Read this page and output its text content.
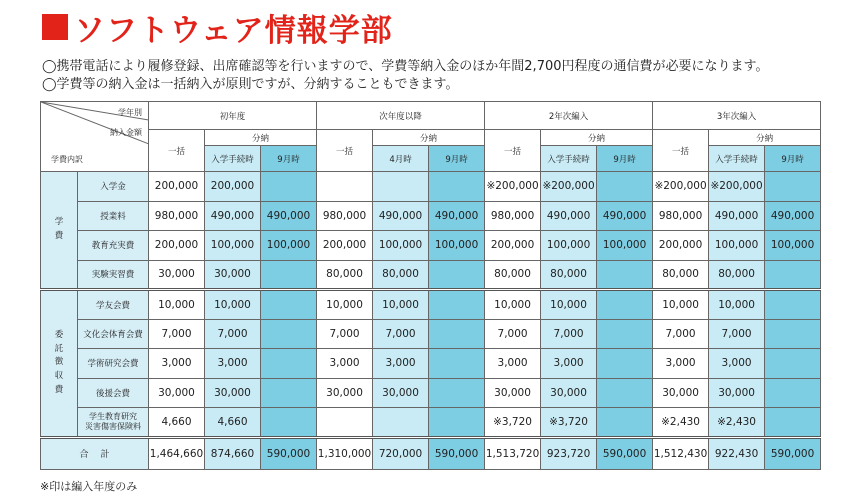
ソフトウェア情報学部
◯携帯電話により履修登録、出席確認等を行いますので、学費等納入金のほか年間2,700円程度の通信費が必要になります。
◯学費等の納入金は一括納入が原則ですが、分納することもできます。
学年別
納入金額
学費内訳		初年度			次年度以降			2年次編入			3年次編入		
		一括	分納		一括	分納		一括	分納		一括	分納	
			入学手続時	9月時		4月時	9月時		入学手続時	9月時		入学手続時	9月時
学　費	入学金	200,000	200,000					※200,000	※200,000		※200,000	※200,000	
	授業料	980,000	490,000	490,000	980,000	490,000	490,000	980,000	490,000	490,000	980,000	490,000	490,000
	教育充実費	200,000	100,000	100,000	200,000	100,000	100,000	200,000	100,000	100,000	200,000	100,000	100,000
	実験実習費	30,000	30,000		80,000	80,000		80,000	80,000		80,000	80,000	
委　託
徴収費	学友会費	10,000	10,000		10,000	10,000		10,000	10,000		10,000	10,000	
	文化会体育会費	7,000	7,000		7,000	7,000		7,000	7,000		7,000	7,000	
	学術研究会費	3,000	3,000		3,000	3,000		3,000	3,000		3,000	3,000	
	後援会費	30,000	30,000		30,000	30,000		30,000	30,000		30,000	30,000	
	学生教育研究
災害傷害保険料	4,660	4,660					※3,720	※3,720		※2,430	※2,430	
合計		1,464,660	874,660	590,000	1,310,000	720,000	590,000	1,513,720	923,720	590,000	1,512,430	922,430	590,000
※印は編入年度のみ
